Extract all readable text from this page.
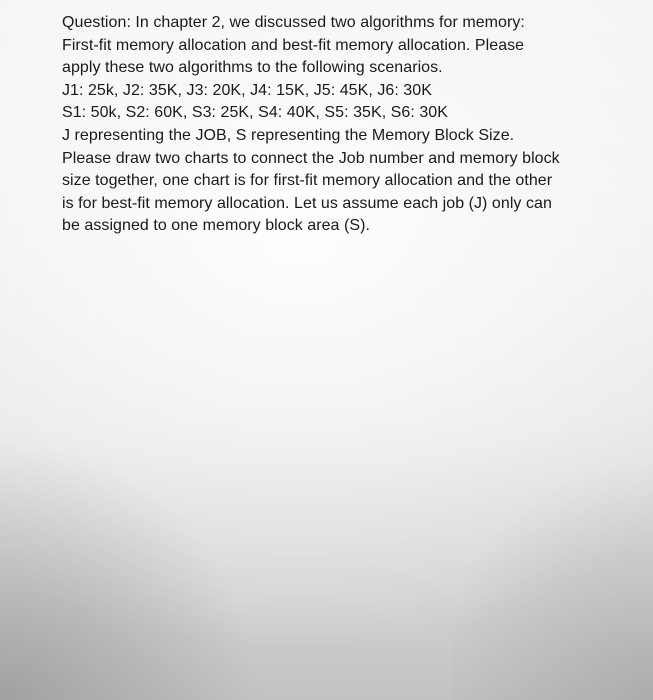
Question: In chapter 2, we discussed two algorithms for memory:
First-fit memory allocation and best-fit memory allocation. Please
apply these two algorithms to the following scenarios.
J1: 25k, J2: 35K, J3: 20K, J4: 15K, J5: 45K, J6: 30K
S1: 50k, S2: 60K, S3: 25K, S4: 40K, S5: 35K, S6: 30K
J representing the JOB, S representing the Memory Block Size.
Please draw two charts to connect the Job number and memory block
size together, one chart is for first-fit memory allocation and the other
is for best-fit memory allocation. Let us assume each job (J) only can
be assigned to one memory block area (S).
